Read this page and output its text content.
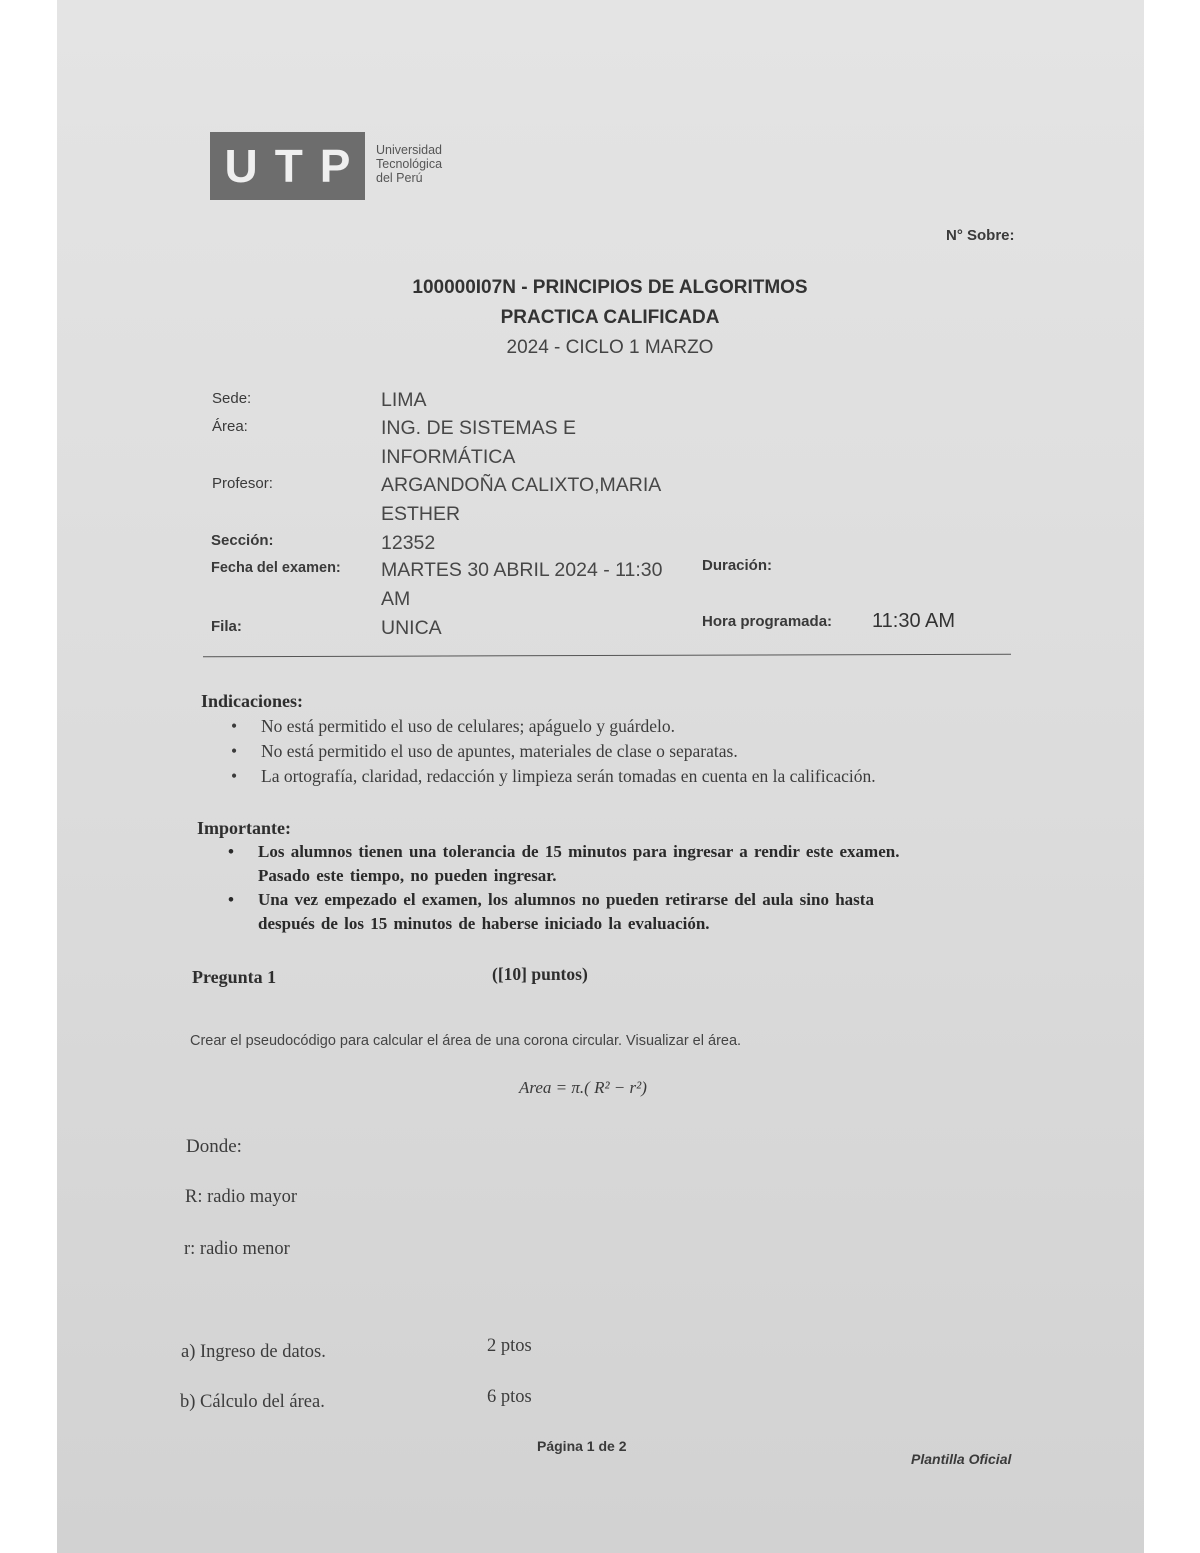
U T P Universidad
Tecnológica
del Perú
N° Sobre:
100000I07N - PRINCIPIOS DE ALGORITMOS
PRACTICA CALIFICADA
2024 - CICLO 1 MARZO
Sede:	LIMA
Área:	ING. DE SISTEMAS E
INFORMÁTICA
Profesor:	ARGANDOÑA CALIXTO,MARIA
ESTHER
Sección:	12352
Fecha del examen: MARTES 30 ABRIL 2024 - 11:30
AM
Duración:
Fila:	UNICA	Hora programada: 11:30 AM
Indicaciones:
• No está permitido el uso de celulares; apáguelo y guárdelo.
• No está permitido el uso de apuntes, materiales de clase o separatas.
• La ortografía, claridad, redacción y limpieza serán tomadas en cuenta en la calificación.
Importante:
• Los alumnos tienen una tolerancia de 15 minutos para ingresar a rendir este examen.
Pasado este tiempo, no pueden ingresar.
• Una vez empezado el examen, los alumnos no pueden retirarse del aula sino hasta
después de los 15 minutos de haberse iniciado la evaluación.
Pregunta 1	([10] puntos)
Crear el pseudocódigo para calcular el área de una corona circular. Visualizar el área.
Area = π.( R² − r²)
Donde:
R: radio mayor
r: radio menor
a) Ingreso de datos.	2 ptos
b) Cálculo del área.	6 ptos
Página 1 de 2
Plantilla Oficial
